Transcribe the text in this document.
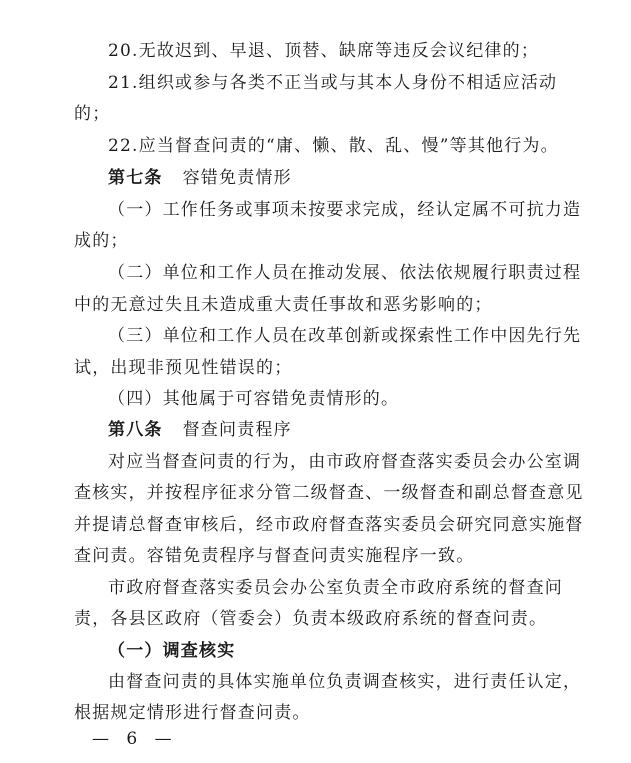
20.无故迟到、早退、顶替、缺席等违反会议纪律的；
21.组织或参与各类不正当或与其本人身份不相适应活动
的；
22.应当督查问责的“庸、懒、散、乱、慢”等其他行为。
第七条 容错免责情形
（一）工作任务或事项未按要求完成，经认定属不可抗力造
成的；
（二）单位和工作人员在推动发展、依法依规履行职责过程
中的无意过失且未造成重大责任事故和恶劣影响的；
（三）单位和工作人员在改革创新或探索性工作中因先行先
试，出现非预见性错误的；
（四）其他属于可容错免责情形的。
第八条 督查问责程序
对应当督查问责的行为，由市政府督查落实委员会办公室调
查核实，并按程序征求分管二级督查、一级督查和副总督查意见
并提请总督查审核后，经市政府督查落实委员会研究同意实施督
查问责。容错免责程序与督查问责实施程序一致。
市政府督查落实委员会办公室负责全市政府系统的督查问
责，各县区政府（管委会）负责本级政府系统的督查问责。
（一）调查核实
由督查问责的具体实施单位负责调查核实，进行责任认定，
根据规定情形进行督查问责。
— 6 —
